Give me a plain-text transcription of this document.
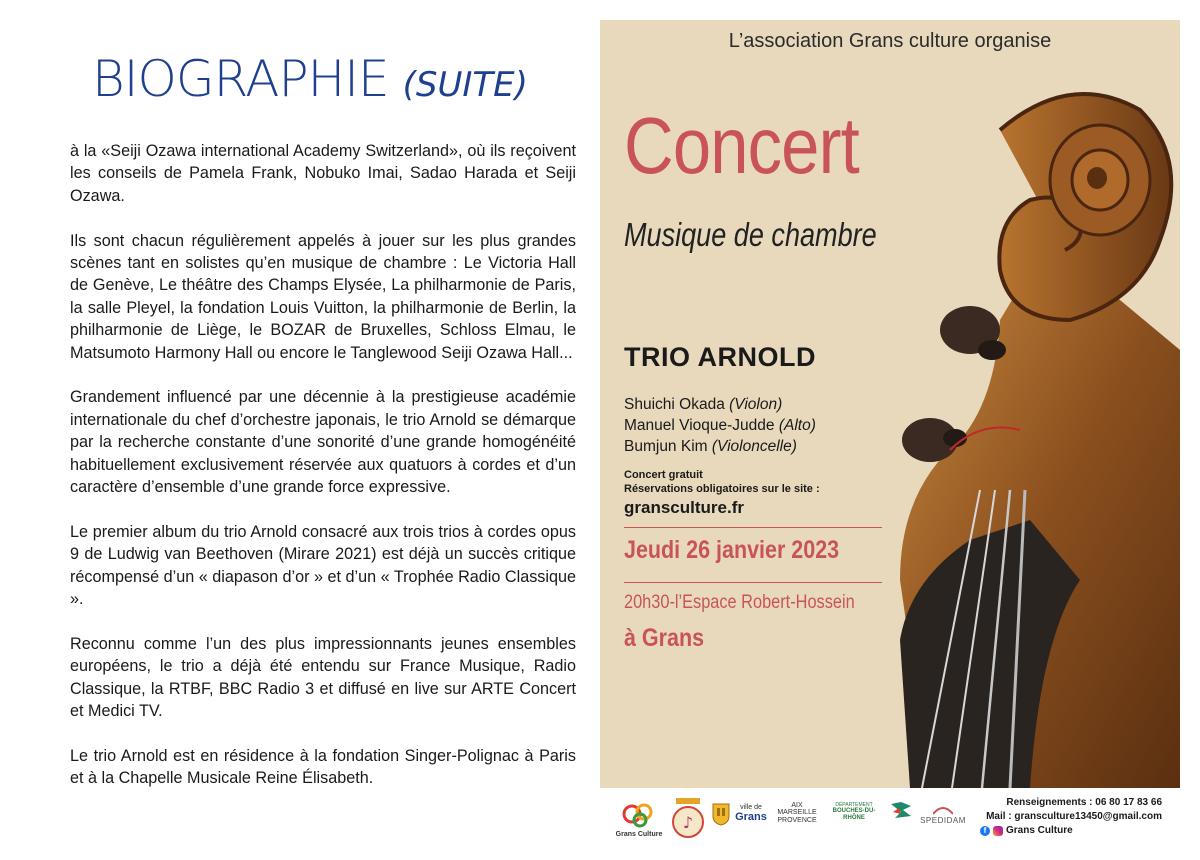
BIOGRAPHIE (SUITE)

à la «Seiji Ozawa international Academy Switzerland», où ils reçoivent les conseils de Pamela Frank, Nobuko Imai, Sadao Harada et Seiji Ozawa.

Ils sont chacun régulièrement appelés à jouer sur les plus grandes scènes tant en solistes qu’en musique de chambre : Le Victoria Hall de Genève, Le théâtre des Champs Elysée, La philharmonie de Paris, la salle Pleyel, la fondation Louis Vuitton, la philharmonie de Berlin, la philharmonie de Liège, le BOZAR de Bruxelles, Schloss Elmau, le Matsumoto Harmony Hall ou encore le Tanglewood Seiji Ozawa Hall...

Grandement influencé par une décennie à la prestigieuse académie internationale du chef d’orchestre japonais, le trio Arnold se démarque par la recherche constante d’une sonorité d’une grande homogénéité habituellement exclusivement réservée aux quatuors à cordes et d’un caractère d’ensemble d’une grande force expressive.

Le premier album du trio Arnold consacré aux trois trios à cordes opus 9 de Ludwig van Beethoven (Mirare 2021) est déjà un succès critique récompensé d’un « diapason d’or » et d’un « Trophée Radio Classique ».

Reconnu comme l’un des plus impressionnants jeunes ensembles européens, le trio a déjà été entendu sur France Musique, Radio Classique, la RTBF, BBC Radio 3 et diffusé en live sur ARTE Concert et Medici TV.

Le trio Arnold est en résidence à la fondation Singer-Polignac à Paris et à la Chapelle Musicale Reine Élisabeth.

L’association Grans culture organise
Concert
Musique de chambre
TRIO ARNOLD
Shuichi Okada (Violon)
Manuel Vioque-Judde (Alto)
Bumjun Kim (Violoncelle)
Concert gratuit
Réservations obligatoires sur le site :
gransculture.fr
Jeudi 26 janvier 2023
20h30-l’Espace Robert-Hossein
à Grans
Grans Culture
♪
ville de
Grans
AIX
MARSEILLE PROVENCE
DÉPARTEMENT
BOUCHES-DU-RHÔNE	SPEDIDAM
Renseignements : 06 80 17 83 66
Mail : gransculture13450@gmail.com
f	Grans Culture
